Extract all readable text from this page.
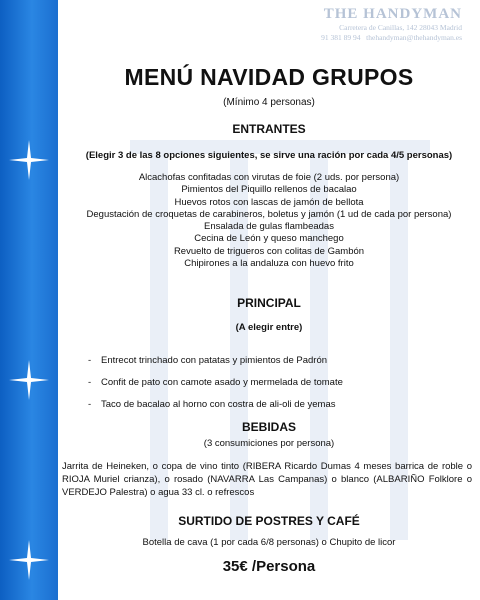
THE HANDYMAN
Carretera de Canillas, 142 28043 Madrid
91 381 89 94 thehandyman@thehandyman.es
MENÚ NAVIDAD GRUPOS
(Mínimo 4 personas)
ENTRANTES
(Elegir 3 de las 8 opciones siguientes, se sirve una ración por cada 4/5 personas)
Alcachofas confitadas con virutas de foie (2 uds. por persona)
Pimientos del Piquillo rellenos de bacalao
Huevos rotos con lascas de jamón de bellota
Degustación de croquetas de carabineros, boletus y jamón (1 ud de cada por persona)
Ensalada de gulas flambeadas
Cecina de León y queso manchego
Revuelto de trigueros con colitas de Gambón
Chipirones a la andaluza con huevo frito
PRINCIPAL
(A elegir entre)
BEBIDAS
(3 consumiciones por persona)
SURTIDO DE POSTRES Y CAFÉ
Botella de cava (1 por cada 6/8 personas) o Chupito de licor
35€ /Persona
- Entrecot trinchado con patatas y pimientos de Padrón
- Confit de pato con camote asado y mermelada de tomate
- Taco de bacalao al horno con costra de ali-oli de yemas
Jarrita de Heineken, o copa de vino tinto (RIBERA Ricardo Dumas 4 meses barrica de roble o RIOJA Muriel crianza), o rosado (NAVARRA Las Campanas) o blanco (ALBARIÑO Folklore o VERDEJO Palestra) o agua 33 cl. o refrescos
